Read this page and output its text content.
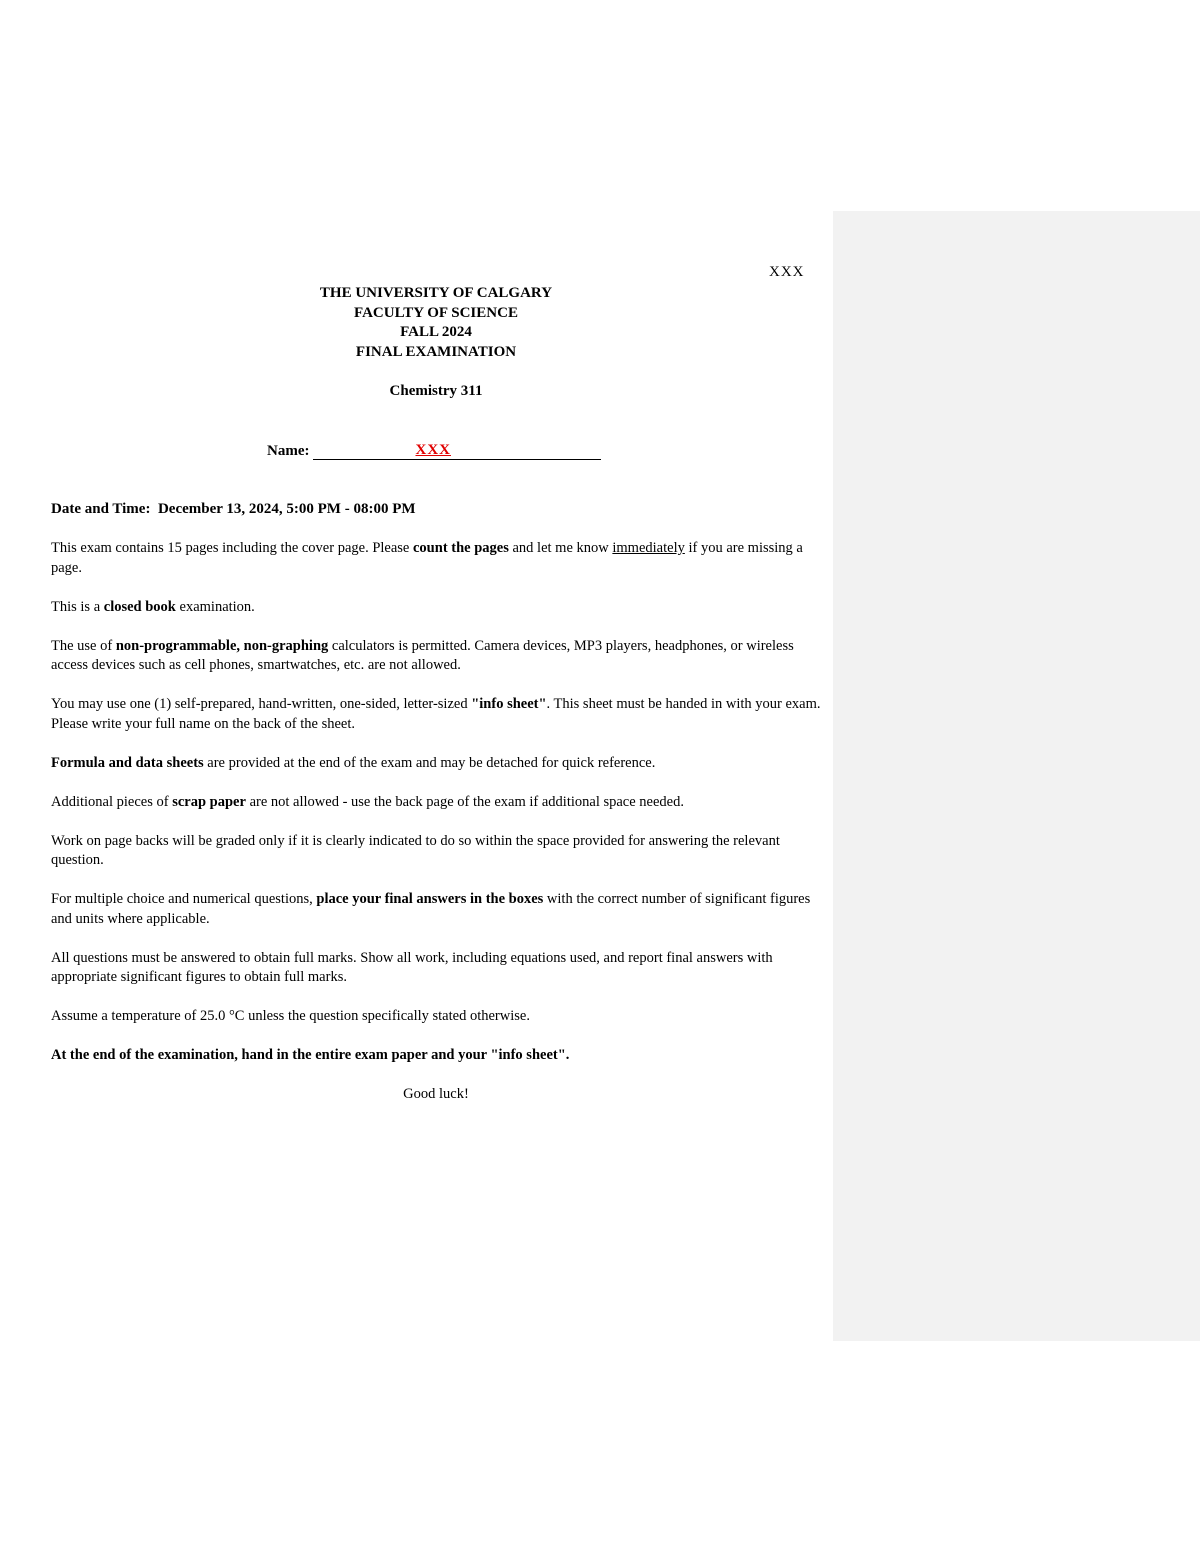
XXX
THE UNIVERSITY OF CALGARY
FACULTY OF SCIENCE
FALL 2024
FINAL EXAMINATION
Chemistry 311
Name:	XXX

Date and Time: December 13, 2024, 5:00 PM - 08:00 PM

This exam contains 15 pages including the cover page. Please count the pages and let me know immediately if you are missing a page.

This is a closed book examination.

The use of non-programmable, non-graphing calculators is permitted. Camera devices, MP3 players, headphones, or wireless access devices such as cell phones, smartwatches, etc. are not allowed.

You may use one (1) self-prepared, hand-written, one-sided, letter-sized "info sheet". This sheet must be handed in with your exam. Please write your full name on the back of the sheet.

Formula and data sheets are provided at the end of the exam and may be detached for quick reference.

Additional pieces of scrap paper are not allowed - use the back page of the exam if additional space needed.

Work on page backs will be graded only if it is clearly indicated to do so within the space provided for answering the relevant question.

For multiple choice and numerical questions, place your final answers in the boxes with the correct number of significant figures and units where applicable.

All questions must be answered to obtain full marks. Show all work, including equations used, and report final answers with appropriate significant figures to obtain full marks.

Assume a temperature of 25.0 °C unless the question specifically stated otherwise.

At the end of the examination, hand in the entire exam paper and your "info sheet".

Good luck!
